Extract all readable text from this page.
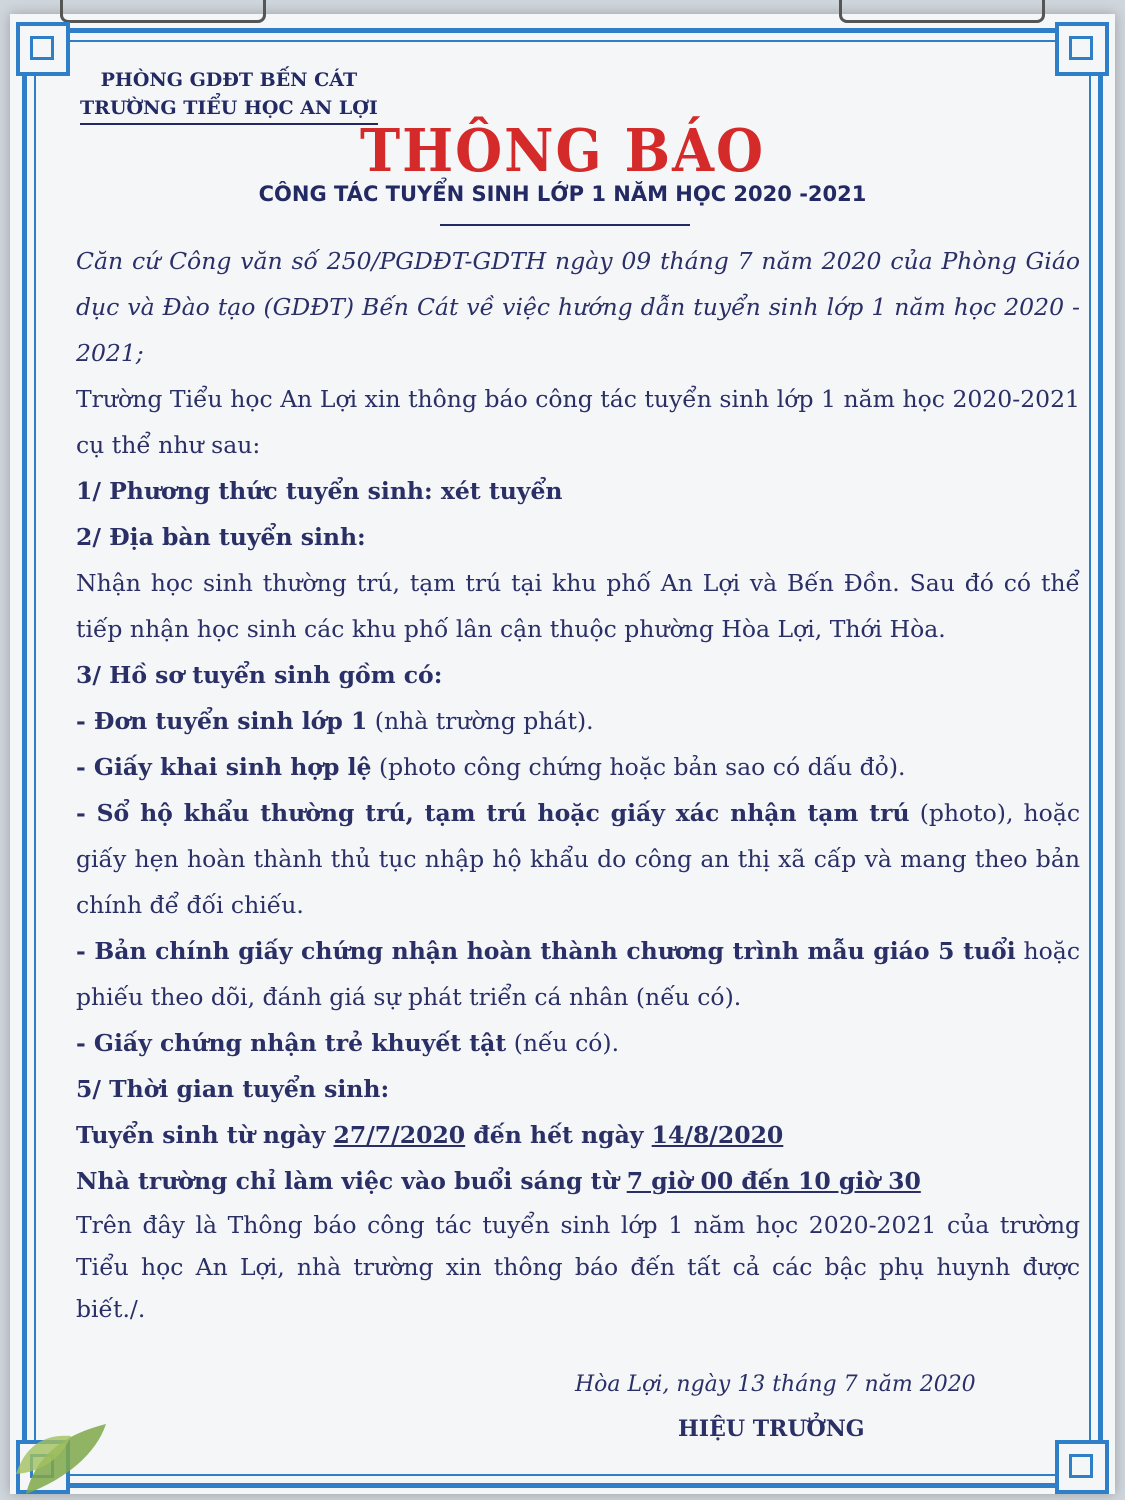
PHÒNG GDĐT BẾN CÁT
TRƯỜNG TIỂU HỌC AN LỢI
THÔNG BÁO
CÔNG TÁC TUYỂN SINH LỚP 1 NĂM HỌC 2020 -2021

Căn cứ Công văn số 250/PGDĐT-GDTH ngày 09 tháng 7 năm 2020 của Phòng Giáo dục và Đào tạo (GDĐT) Bến Cát về việc hướng dẫn tuyển sinh lớp 1 năm học 2020 - 2021;

Trường Tiểu học An Lợi xin thông báo công tác tuyển sinh lớp 1 năm học 2020-2021 cụ thể như sau:

1/ Phương thức tuyển sinh: xét tuyển

2/ Địa bàn tuyển sinh:

Nhận học sinh thường trú, tạm trú tại khu phố An Lợi và Bến Đồn. Sau đó có thể tiếp nhận học sinh các khu phố lân cận thuộc phường Hòa Lợi, Thới Hòa.

3/ Hồ sơ tuyển sinh gồm có:

- Đơn tuyển sinh lớp 1 (nhà trường phát).

- Giấy khai sinh hợp lệ (photo công chứng hoặc bản sao có dấu đỏ).

- Sổ hộ khẩu thường trú, tạm trú hoặc giấy xác nhận tạm trú (photo), hoặc giấy hẹn hoàn thành thủ tục nhập hộ khẩu do công an thị xã cấp và mang theo bản chính để đối chiếu.

- Bản chính giấy chứng nhận hoàn thành chương trình mẫu giáo 5 tuổi hoặc phiếu theo dõi, đánh giá sự phát triển cá nhân (nếu có).

- Giấy chứng nhận trẻ khuyết tật (nếu có).

5/ Thời gian tuyển sinh:

Tuyển sinh từ ngày 27/7/2020 đến hết ngày 14/8/2020

Nhà trường chỉ làm việc vào buổi sáng từ 7 giờ 00 đến 10 giờ 30

Trên đây là Thông báo công tác tuyển sinh lớp 1 năm học 2020-2021 của trường Tiểu học An Lợi, nhà trường xin thông báo đến tất cả các bậc phụ huynh được biết./.

Hòa Lợi, ngày 13 tháng 7 năm 2020
HIỆU TRƯỞNG
